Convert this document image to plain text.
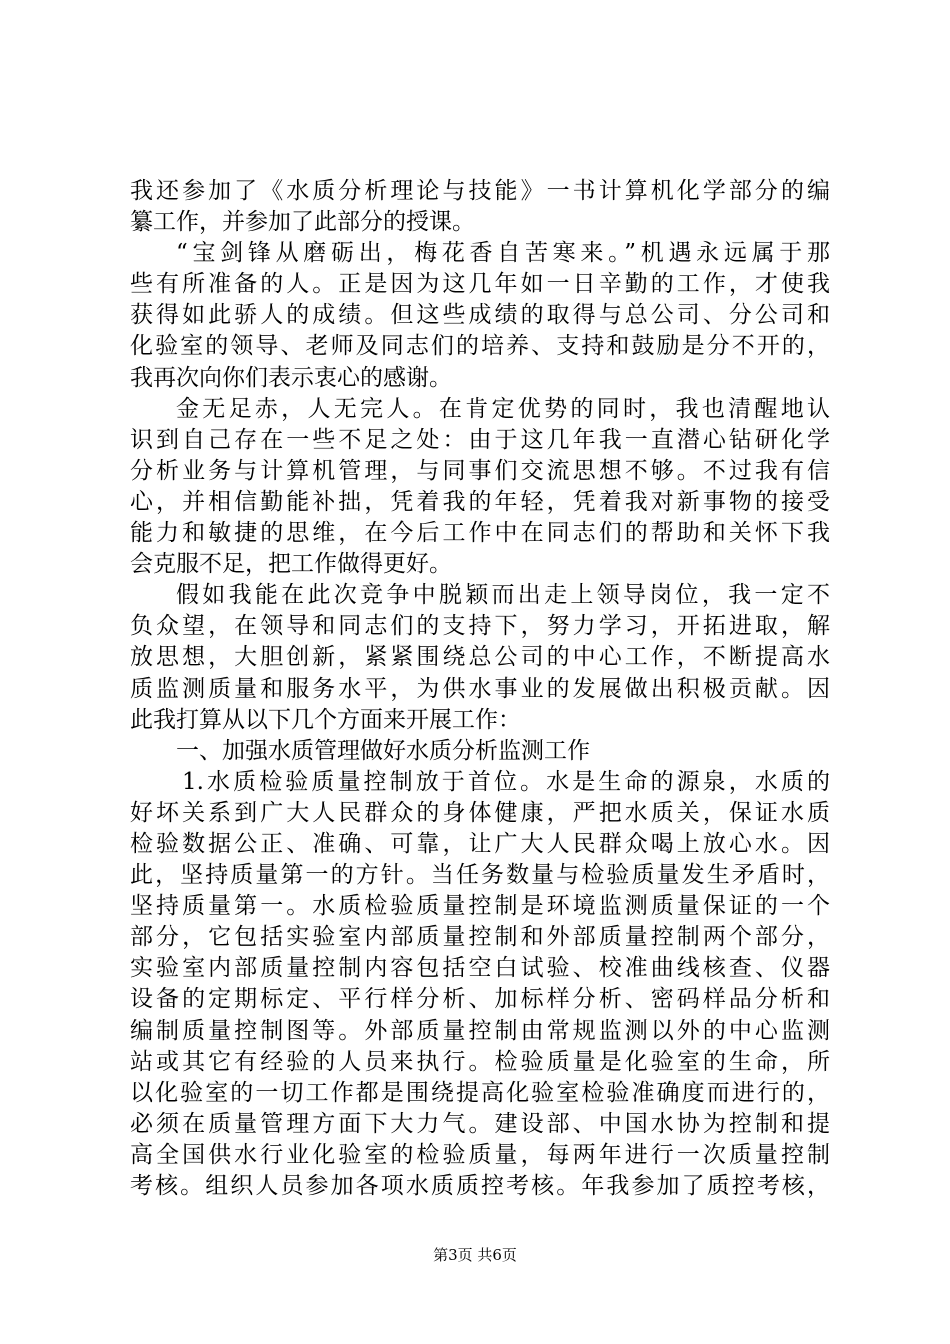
我还参加了《水质分析理论与技能》一书计算机化学部分的编
纂工作，并参加了此部分的授课。
“宝剑锋从磨砺出，梅花香自苦寒来。”机遇永远属于那
些有所准备的人。正是因为这几年如一日辛勤的工作，才使我
获得如此骄人的成绩。但这些成绩的取得与总公司、分公司和
化验室的领导、老师及同志们的培养、支持和鼓励是分不开的，
我再次向你们表示衷心的感谢。
金无足赤，人无完人。在肯定优势的同时，我也清醒地认
识到自己存在一些不足之处：由于这几年我一直潜心钻研化学
分析业务与计算机管理，与同事们交流思想不够。不过我有信
心，并相信勤能补拙，凭着我的年轻，凭着我对新事物的接受
能力和敏捷的思维，在今后工作中在同志们的帮助和关怀下我
会克服不足，把工作做得更好。
假如我能在此次竞争中脱颖而出走上领导岗位，我一定不
负众望，在领导和同志们的支持下，努力学习，开拓进取，解
放思想，大胆创新，紧紧围绕总公司的中心工作，不断提高水
质监测质量和服务水平，为供水事业的发展做出积极贡献。因
此我打算从以下几个方面来开展工作：
一、加强水质管理做好水质分析监测工作
1.水质检验质量控制放于首位。水是生命的源泉，水质的
好坏关系到广大人民群众的身体健康，严把水质关，保证水质
检验数据公正、准确、可靠，让广大人民群众喝上放心水。因
此，坚持质量第一的方针。当任务数量与检验质量发生矛盾时，
坚持质量第一。水质检验质量控制是环境监测质量保证的一个
部分，它包括实验室内部质量控制和外部质量控制两个部分，
实验室内部质量控制内容包括空白试验、校准曲线核查、仪器
设备的定期标定、平行样分析、加标样分析、密码样品分析和
编制质量控制图等。外部质量控制由常规监测以外的中心监测
站或其它有经验的人员来执行。检验质量是化验室的生命，所
以化验室的一切工作都是围绕提高化验室检验准确度而进行的，
必须在质量管理方面下大力气。建设部、中国水协为控制和提
高全国供水行业化验室的检验质量，每两年进行一次质量控制
考核。组织人员参加各项水质质控考核。年我参加了质控考核，
第3页 共6页
